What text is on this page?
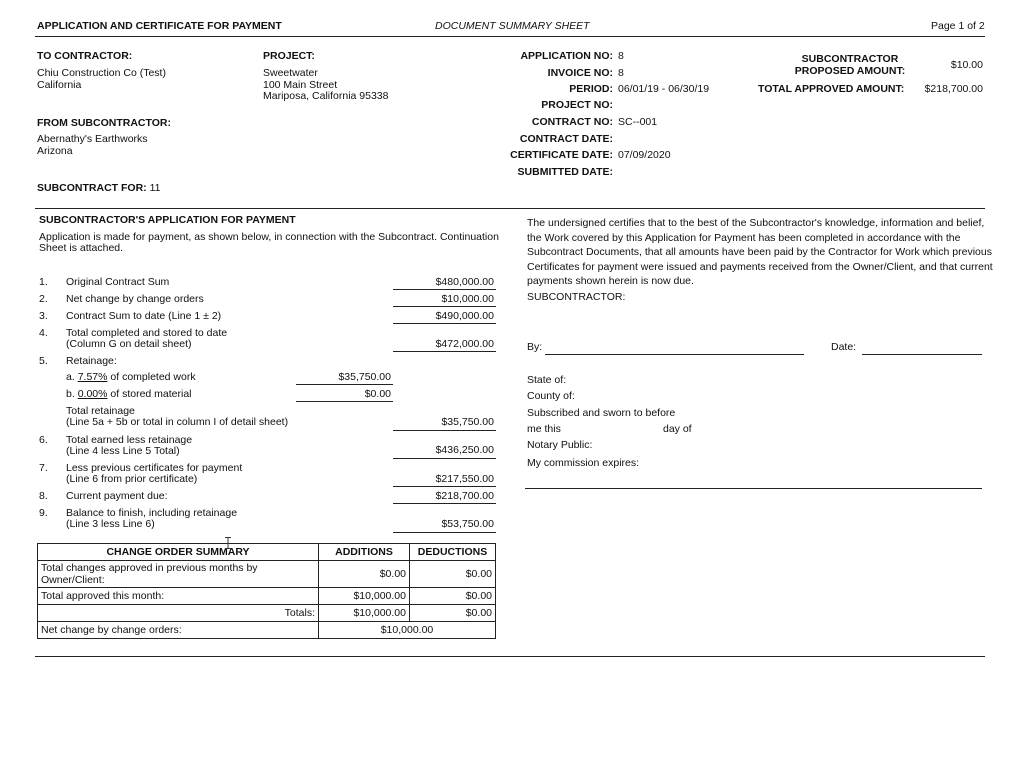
APPLICATION AND CERTIFICATE FOR PAYMENT	DOCUMENT SUMMARY SHEET	Page 1 of 2
TO CONTRACTOR:
Chiu Construction Co (Test)
California
PROJECT:
Sweetwater
100 Main Street
Mariposa, California 95338
FROM SUBCONTRACTOR:
Abernathy's Earthworks
Arizona
SUBCONTRACT FOR: 11
APPLICATION NO: 8
INVOICE NO: 8
PERIOD: 06/01/19 - 06/30/19
PROJECT NO:
CONTRACT NO: SC--001
CONTRACT DATE:
CERTIFICATE DATE: 07/09/2020
SUBMITTED DATE:
SUBCONTRACTOR
PROPOSED AMOUNT:	$10.00
TOTAL APPROVED AMOUNT:	$218,700.00
SUBCONTRACTOR'S APPLICATION FOR PAYMENT
Application is made for payment, as shown below, in connection with the Subcontract. Continuation
Sheet is attached.
1. Original Contract Sum	$480,000.00
2. Net change by change orders	$10,000.00
3. Contract Sum to date (Line 1 ± 2)	$490,000.00
4. Total completed and stored to date
(Column G on detail sheet)	$472,000.00
5. Retainage:
a. 7.57% of completed work	$35,750.00
b. 0.00% of stored material	$0.00
Total retainage
(Line 5a + 5b or total in column I of detail sheet)	$35,750.00
6. Total earned less retainage
(Line 4 less Line 5 Total)	$436,250.00
7. Less previous certificates for payment
(Line 6 from prior certificate)	$217,550.00
8. Current payment due:	$218,700.00
9. Balance to finish, including retainage
(Line 3 less Line 6)	$53,750.00
CHANGE ORDER SUMMARY	ADDITIONS	DEDUCTIONS
Total changes approved in previous months by Owner/Client:	$0.00	$0.00
Total approved this month:	$10,000.00	$0.00
Totals:	$10,000.00	$0.00
Net change by change orders:	$10,000.00	
The undersigned certifies that to the best of the Subcontractor's knowledge, information and belief,
the Work covered by this Application for Payment has been completed in accordance with the
Subcontract Documents, that all amounts have been paid by the Contractor for Work which previous
Certificates for payment were issued and payments received from the Owner/Client, and that current
payments shown herein is now due.
SUBCONTRACTOR:
By:	Date:
State of:
County of:
Subscribed and sworn to before
me this	day of
Notary Public:
My commission expires:
